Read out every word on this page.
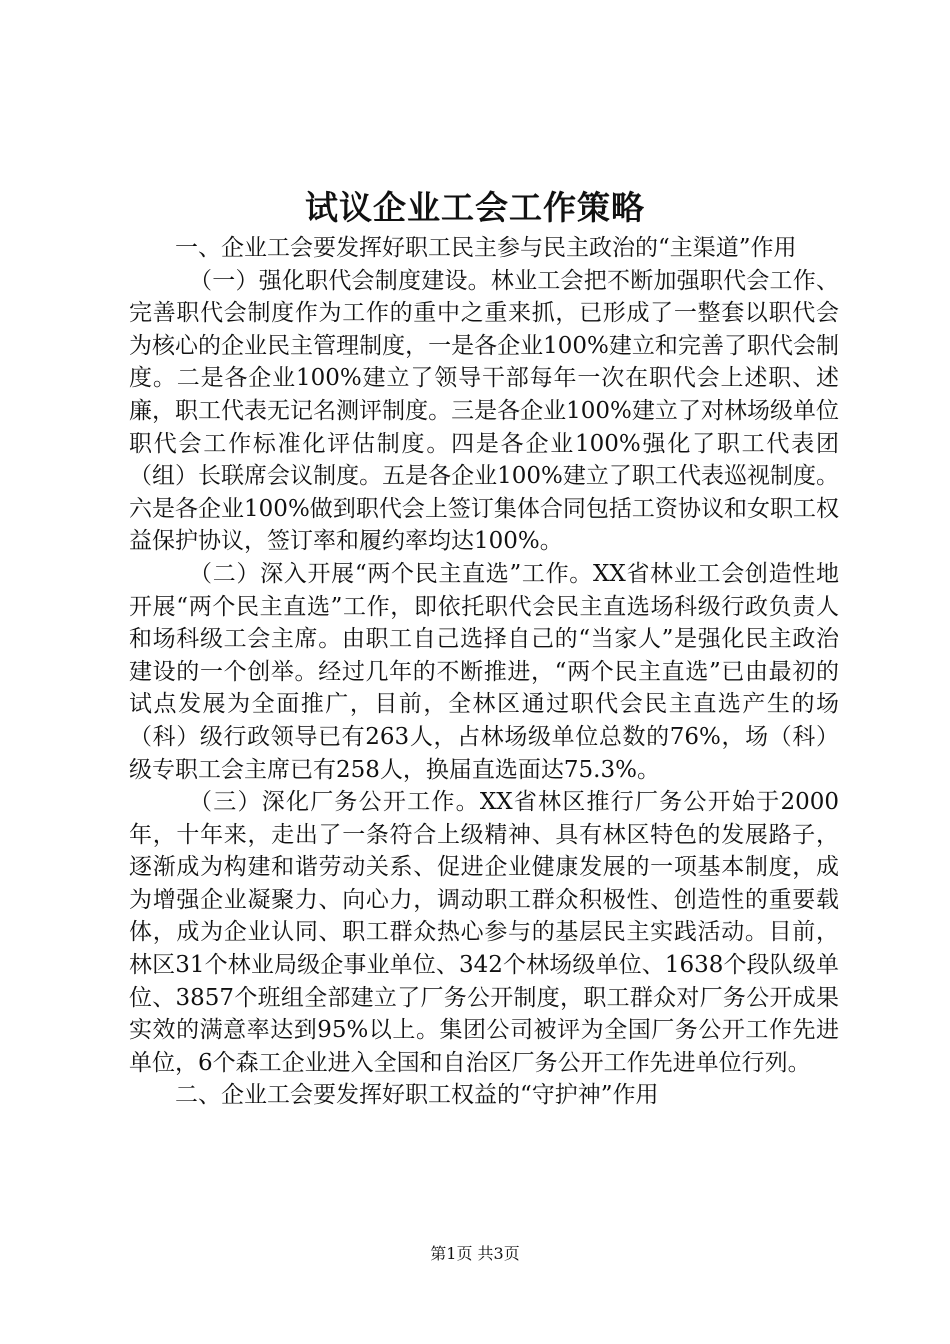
试议企业工会工作策略

一、企业工会要发挥好职工民主参与民主政治的“主渠道”作用

（一）强化职代会制度建设。林业工会把不断加强职代会工作、完善职代会制度作为工作的重中之重来抓，已形成了一整套以职代会为核心的企业民主管理制度，一是各企业100%建立和完善了职代会制度。二是各企业100%建立了领导干部每年一次在职代会上述职、述廉，职工代表无记名测评制度。三是各企业100%建立了对林场级单位职代会工作标准化评估制度。四是各企业100%强化了职工代表团（组）长联席会议制度。五是各企业100%建立了职工代表巡视制度。六是各企业100%做到职代会上签订集体合同包括工资协议和女职工权益保护协议，签订率和履约率均达100%。

（二）深入开展“两个民主直选”工作。XX省林业工会创造性地开展“两个民主直选”工作，即依托职代会民主直选场科级行政负责人和场科级工会主席。由职工自己选择自己的“当家人”是强化民主政治建设的一个创举。经过几年的不断推进，“两个民主直选”已由最初的试点发展为全面推广，目前，全林区通过职代会民主直选产生的场（科）级行政领导已有263人，占林场级单位总数的76%，场（科）级专职工会主席已有258人，换届直选面达75.3%。

（三）深化厂务公开工作。XX省林区推行厂务公开始于2000年，十年来，走出了一条符合上级精神、具有林区特色的发展路子，逐渐成为构建和谐劳动关系、促进企业健康发展的一项基本制度，成为增强企业凝聚力、向心力，调动职工群众积极性、创造性的重要载体，成为企业认同、职工群众热心参与的基层民主实践活动。目前，林区31个林业局级企事业单位、342个林场级单位、1638个段队级单位、3857个班组全部建立了厂务公开制度，职工群众对厂务公开成果实效的满意率达到95%以上。集团公司被评为全国厂务公开工作先进单位，6个森工企业进入全国和自治区厂务公开工作先进单位行列。

二、企业工会要发挥好职工权益的“守护神”作用

第1页 共3页
